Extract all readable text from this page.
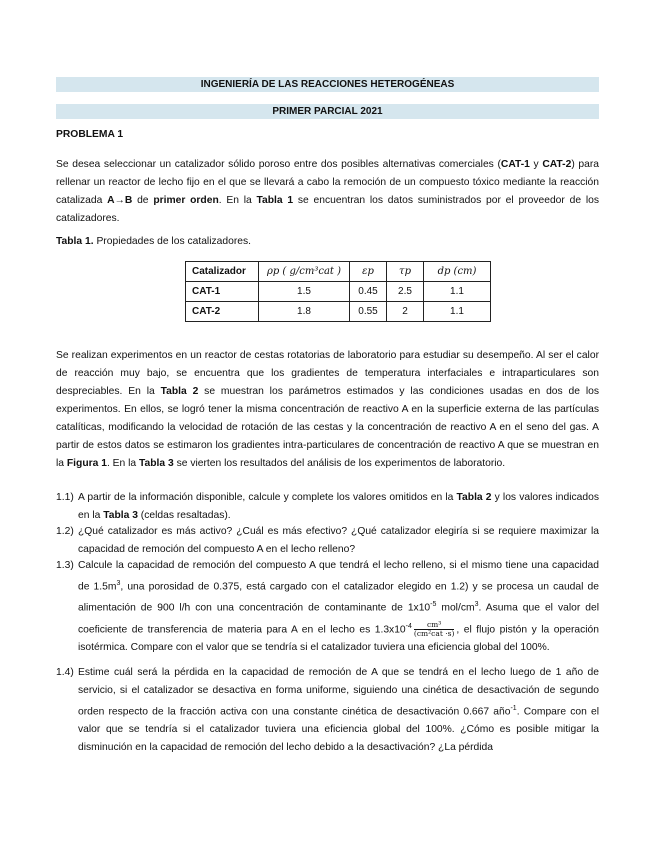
INGENIERÍA DE LAS REACCIONES HETEROGÉNEAS
PRIMER PARCIAL 2021
PROBLEMA 1

Se desea seleccionar un catalizador sólido poroso entre dos posibles alternativas comerciales (CAT-1 y CAT-2) para rellenar un reactor de lecho fijo en el que se llevará a cabo la remoción de un compuesto tóxico mediante la reacción catalizada A→B de primer orden. En la Tabla 1 se encuentran los datos suministrados por el proveedor de los catalizadores.

Tabla 1. Propiedades de los catalizadores.
Catalizador	ρp ( g/cm³cat )	εp	τp	dp (cm)
CAT-1	1.5	0.45	2.5	1.1
CAT-2	1.8	0.55	2	1.1

Se realizan experimentos en un reactor de cestas rotatorias de laboratorio para estudiar su desempeño. Al ser el calor de reacción muy bajo, se encuentra que los gradientes de temperatura interfaciales e intraparticulares son despreciables. En la Tabla 2 se muestran los parámetros estimados y las condiciones usadas en dos de los experimentos. En ellos, se logró tener la misma concentración de reactivo A en la superficie externa de las partículas catalíticas, modificando la velocidad de rotación de las cestas y la concentración de reactivo A en el seno del gas. A partir de estos datos se estimaron los gradientes intra-particulares de concentración de reactivo A que se muestran en la Figura 1. En la Tabla 3 se vierten los resultados del análisis de los experimentos de laboratorio.

1.1) A partir de la información disponible, calcule y complete los valores omitidos en la Tabla 2 y los valores indicados en la Tabla 3 (celdas resaltadas).
1.2) ¿Qué catalizador es más activo? ¿Cuál es más efectivo? ¿Qué catalizador elegiría si se requiere maximizar la capacidad de remoción del compuesto A en el lecho relleno?
1.3) Calcule la capacidad de remoción del compuesto A que tendrá el lecho relleno, si el mismo tiene una capacidad de $1.5m^3$, una porosidad de 0.375, está cargado con el catalizador elegido en 1.2) y se procesa un caudal de alimentación de 900 l/h con una concentración de contaminante de $1x10^{-5}$ mol/$cm^3$. Asuma que el valor del coeficiente de transferencia de materia para A en el lecho es $1.3x10^{-4} \frac{\text{cm³}}{\text{(cm²cat ·s)}}$ , el flujo pistón y la operación isotérmica. Compare con el valor que se tendría si el catalizador tuviera una eficiencia global del 100%.
1.4) Estime cuál será la pérdida en la capacidad de remoción de A que se tendrá en el lecho luego de 1 año de servicio, si el catalizador se desactiva en forma uniforme, siguiendo una cinética de desactivación de segundo orden respecto de la fracción activa con una constante cinética de desactivación 0.667 año$^{-1}$. Compare con el valor que se tendría si el catalizador tuviera una eficiencia global del 100%. ¿Cómo es posible mitigar la disminución en la capacidad de remoción del lecho debido a la desactivación? ¿La pérdida
